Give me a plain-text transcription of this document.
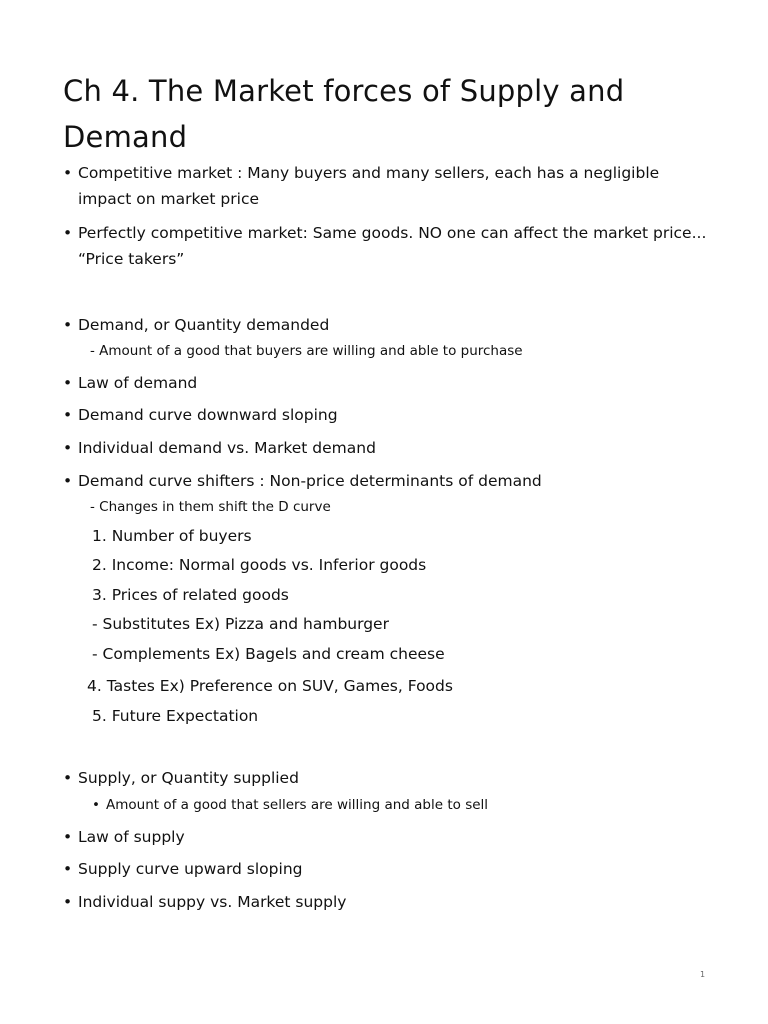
Ch 4. The Market forces of Supply and Demand
• Competitive market : Many buyers and many sellers, each has a negligible impact on market price
• Perfectly competitive market: Same goods. NO one can affect the market price... “Price takers”
• Demand, or Quantity demanded
- Amount of a good that buyers are willing and able to purchase
• Law of demand
• Demand curve downward sloping
• Individual demand vs. Market demand
• Demand curve shifters : Non-price determinants of demand
- Changes in them shift the D curve
1. Number of buyers
2. Income: Normal goods vs. Inferior goods
3. Prices of related goods
- Substitutes Ex) Pizza and hamburger
- Complements Ex) Bagels and cream cheese
4. Tastes Ex) Preference on SUV, Games, Foods
5. Future Expectation
• Supply, or Quantity supplied
• Amount of a good that sellers are willing and able to sell
• Law of supply
• Supply curve upward sloping
• Individual suppy vs. Market supply
1
